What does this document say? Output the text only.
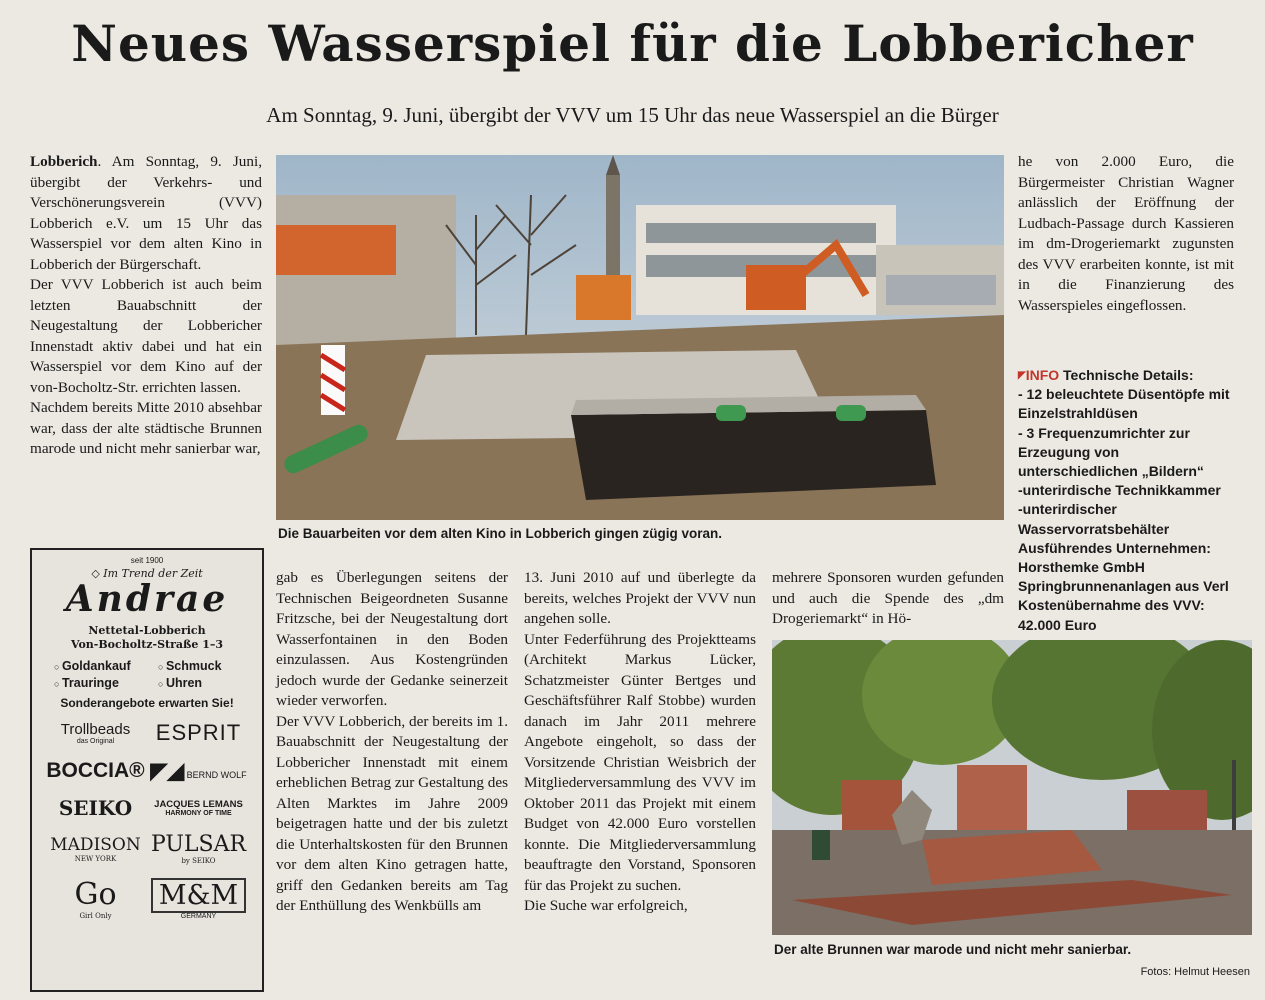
Neues Wasserspiel für die Lobbericher
Am Sonntag, 9. Juni, übergibt der VVV um 15 Uhr das neue Wasserspiel an die Bürger

Lobberich. Am Sonntag, 9. Juni, übergibt der Verkehrs- und Verschönerungsverein (VVV) Lobberich e.V. um 15 Uhr das Wasserspiel vor dem alten Kino in Lobberich der Bürgerschaft.

Der VVV Lobberich ist auch beim letzten Bauabschnitt der Neugestaltung der Lobbericher Innenstadt aktiv dabei und hat ein Wasserspiel vor dem Kino auf der von-Bocholtz-Str. errichten lassen.

Nachdem bereits Mitte 2010 absehbar war, dass der alte städtische Brunnen marode und nicht mehr sanierbar war,

Die Bauarbeiten vor dem alten Kino in Lobberich gingen zügig voran.

he von 2.000 Euro, die Bürgermeister Christian Wagner anlässlich der Eröffnung der Ludbach-Passage durch Kassieren im dm-Drogeriemarkt zugunsten des VVV erarbeiten konnte, ist mit in die Finanzierung des Wasserspieles eingeflossen.

◤ INFO Technische Details:
- 12 beleuchtete Düsentöpfe mit Einzelstrahldüsen
- 3 Frequenzumrichter zur Erzeugung von unterschiedlichen „Bildern“
-unterirdische Technikkammer
-unterirdischer Wasservorratsbehälter
Ausführendes Unternehmen: Horsthemke GmbH Springbrunnenanlagen aus Verl
Kostenübernahme des VVV: 42.000 Euro
seit 1900
◇ Im Trend der Zeit
Andrae
Nettetal-Lobberich
Von-Bocholtz-Straße 1–3
○ Goldankauf	○ Schmuck
○ Trauringe	○ Uhren
Sonderangebote erwarten Sie!
Trollbeads
das Original	ESPRIT
BOCCIA® ◤◢ BERND WOLF
SEIKO	JACQUES LEMANS
HARMONY OF TIME
MADISON
NEW YORK
PULSAR
by SEIKO
Go
Girl Only
M&M
GERMANY

gab es Überlegungen seitens der Technischen Beigeordneten Susanne Fritzsche, bei der Neugestaltung dort Wasserfontainen in den Boden einzulassen. Aus Kostengründen jedoch wurde der Gedanke seinerzeit wieder verworfen.

Der VVV Lobberich, der bereits im 1. Bauabschnitt der Neugestaltung der Lobbericher Innenstadt mit einem erheblichen Betrag zur Gestaltung des Alten Marktes im Jahre 2009 beigetragen hatte und der bis zuletzt die Unterhaltskosten für den Brunnen vor dem alten Kino getragen hatte, griff den Gedanken bereits am Tag der Enthüllung des Wenkbülls am

13. Juni 2010 auf und überlegte da bereits, welches Projekt der VVV nun angehen solle.

Unter Federführung des Projektteams (Architekt Markus Lücker, Schatzmeister Günter Bertges und Geschäftsführer Ralf Stobbe) wurden danach im Jahr 2011 mehrere Angebote eingeholt, so dass der Vorsitzende Christian Weisbrich der Mitgliederversammlung des VVV im Oktober 2011 das Projekt mit einem Budget von 42.000 Euro vorstellen konnte. Die Mitgliederversammlung beauftragte den Vorstand, Sponsoren für das Projekt zu suchen.

Die Suche war erfolgreich,

mehrere Sponsoren wurden gefunden und auch die Spende des „dm Drogeriemarkt“ in Hö-

Der alte Brunnen war marode und nicht mehr sanierbar.
Fotos: Helmut Heesen
